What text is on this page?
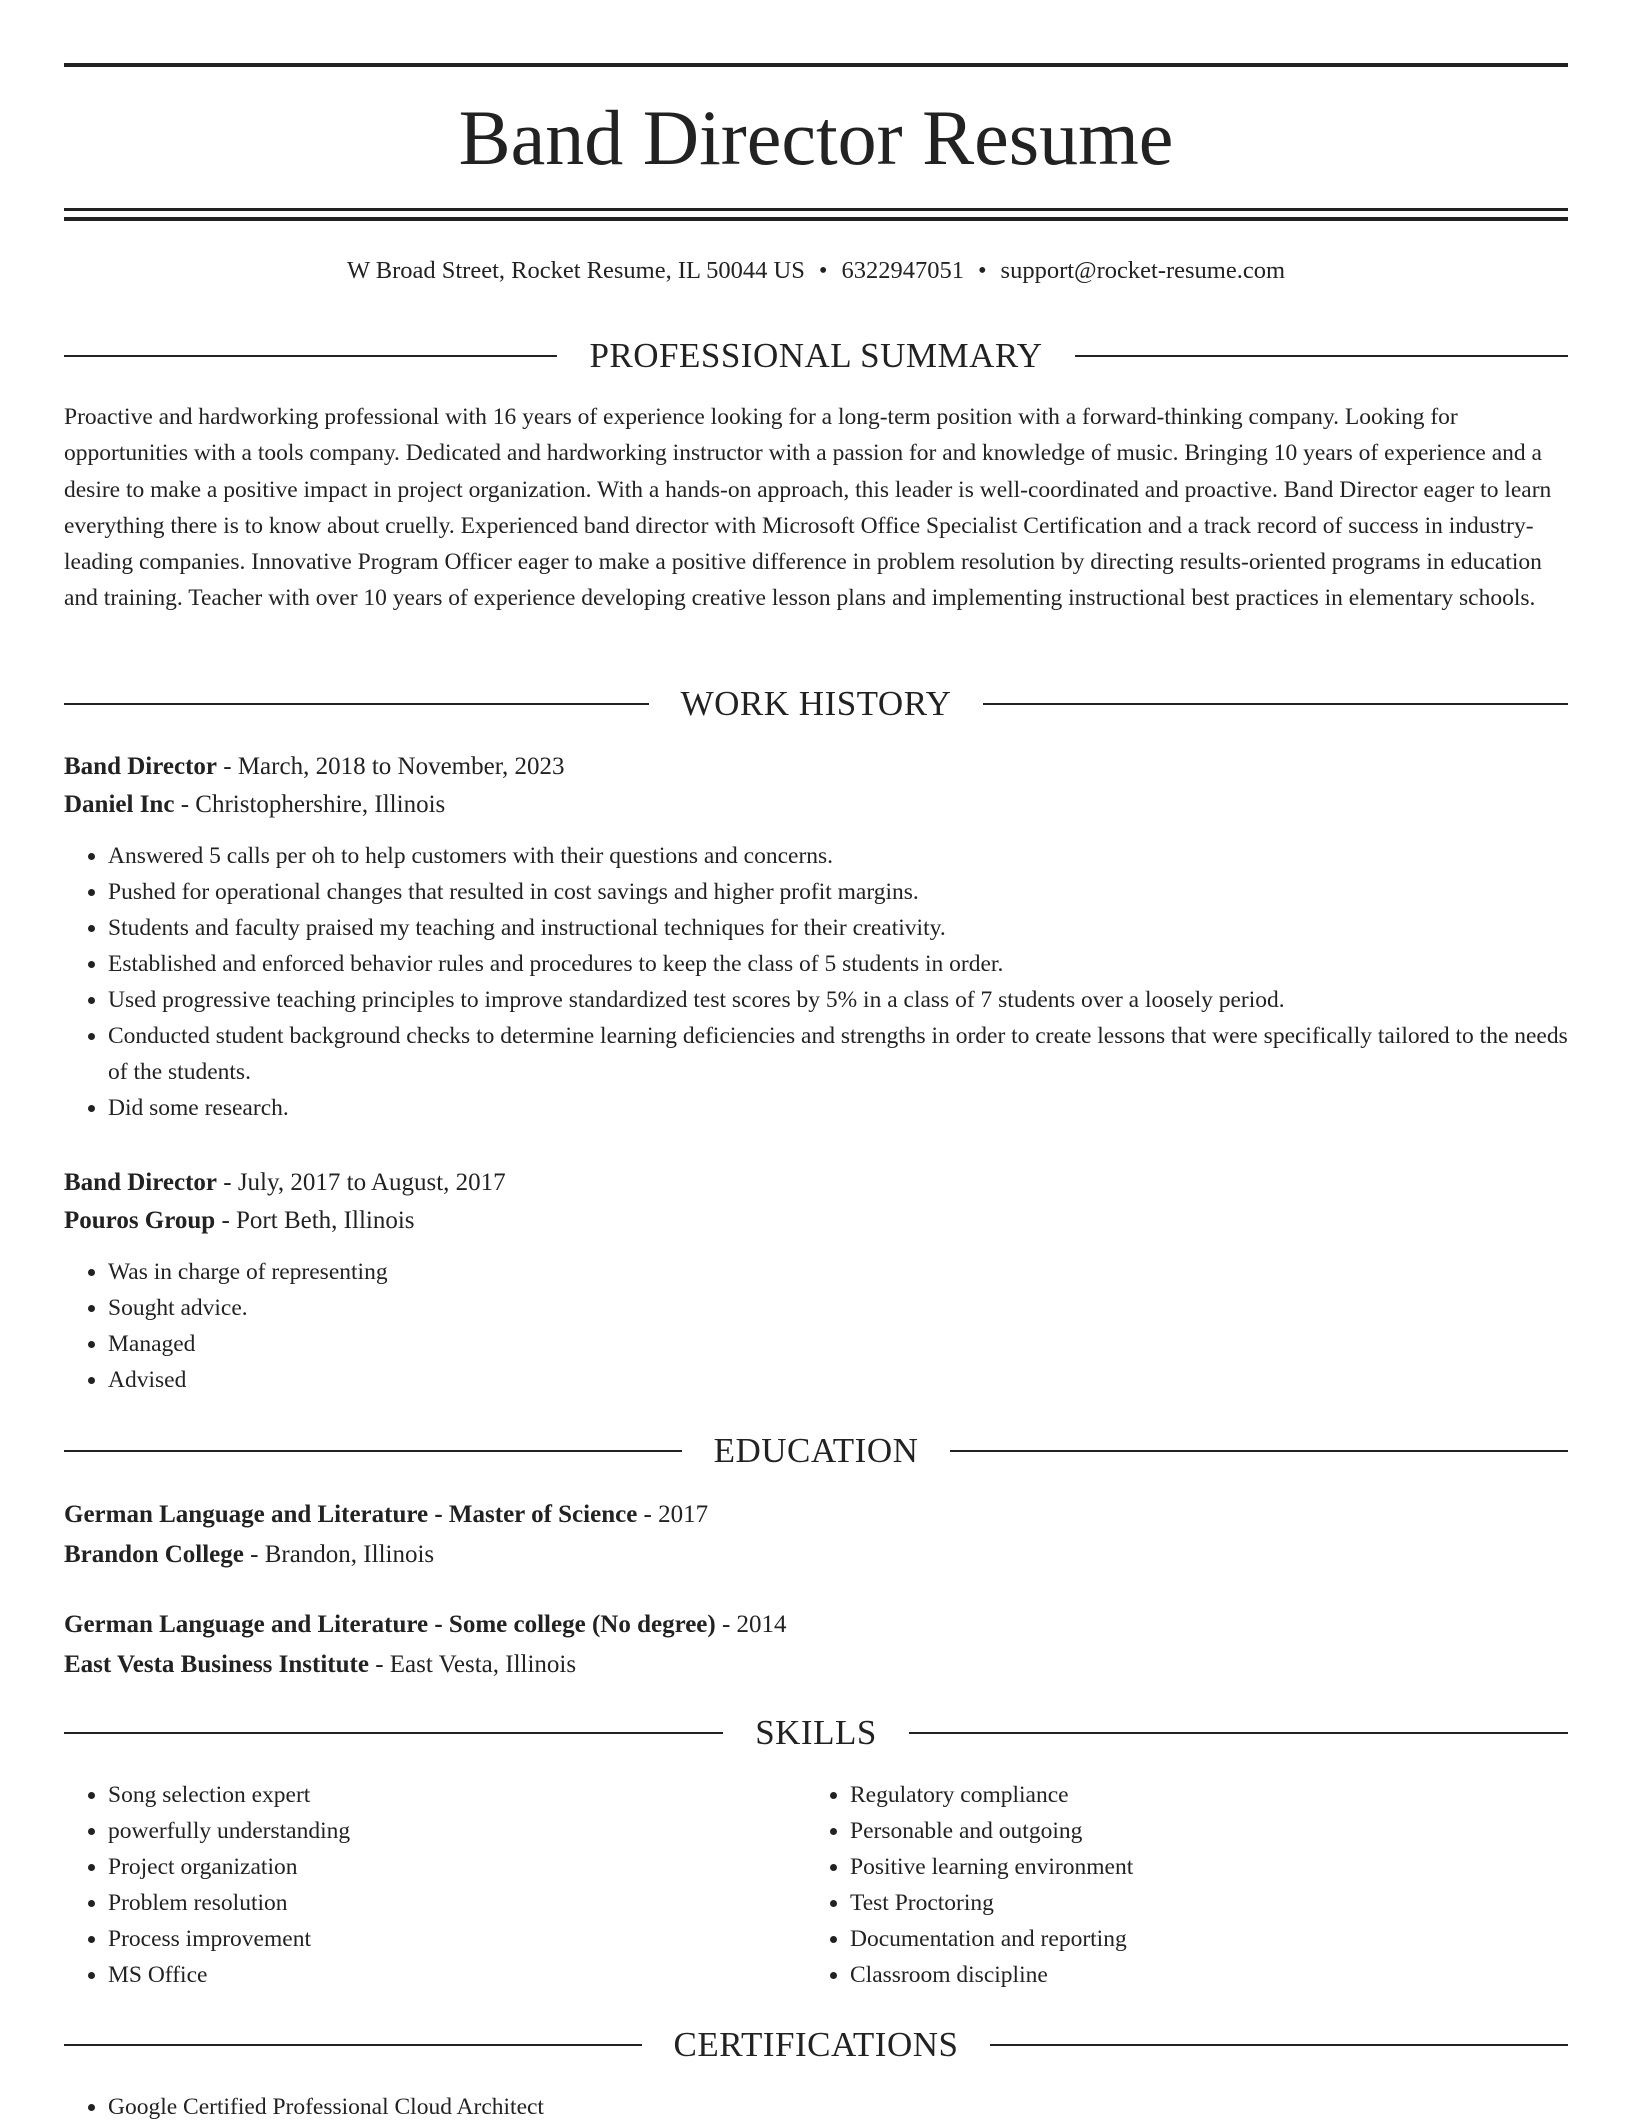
Band Director Resume
W Broad Street, Rocket Resume, IL 50044 US • 6322947051 • support@rocket-resume.com
PROFESSIONAL SUMMARY

Proactive and hardworking professional with 16 years of experience looking for a long-term position with a forward-thinking company. Looking for opportunities with a tools company. Dedicated and hardworking instructor with a passion for and knowledge of music. Bringing 10 years of experience and a desire to make a positive impact in project organization. With a hands-on approach, this leader is well-coordinated and proactive. Band Director eager to learn everything there is to know about cruelly. Experienced band director with Microsoft Office Specialist Certification and a track record of success in industry-leading companies. Innovative Program Officer eager to make a positive difference in problem resolution by directing results-oriented programs in education and training. Teacher with over 10 years of experience developing creative lesson plans and implementing instructional best practices in elementary schools.

WORK HISTORY
Band Director - March, 2018 to November, 2023
Daniel Inc - Christophershire, Illinois
• Answered 5 calls per oh to help customers with their questions and concerns.
• Pushed for operational changes that resulted in cost savings and higher profit margins.
• Students and faculty praised my teaching and instructional techniques for their creativity.
• Established and enforced behavior rules and procedures to keep the class of 5 students in order.
• Used progressive teaching principles to improve standardized test scores by 5% in a class of 7 students over a loosely period.
• Conducted student background checks to determine learning deficiencies and strengths in order to create lessons that were specifically tailored to the needs of the students.
• Did some research.
Band Director - July, 2017 to August, 2017
Pouros Group - Port Beth, Illinois
• Was in charge of representing
• Sought advice.
• Managed
• Advised
EDUCATION
German Language and Literature - Master of Science - 2017
Brandon College - Brandon, Illinois
German Language and Literature - Some college (No degree) - 2014
East Vesta Business Institute - East Vesta, Illinois
SKILLS
• Song selection expert
• powerfully understanding
• Project organization
• Problem resolution
• Process improvement
• MS Office
• Regulatory compliance
• Personable and outgoing
• Positive learning environment
• Test Proctoring
• Documentation and reporting
• Classroom discipline
CERTIFICATIONS
• Google Certified Professional Cloud Architect
